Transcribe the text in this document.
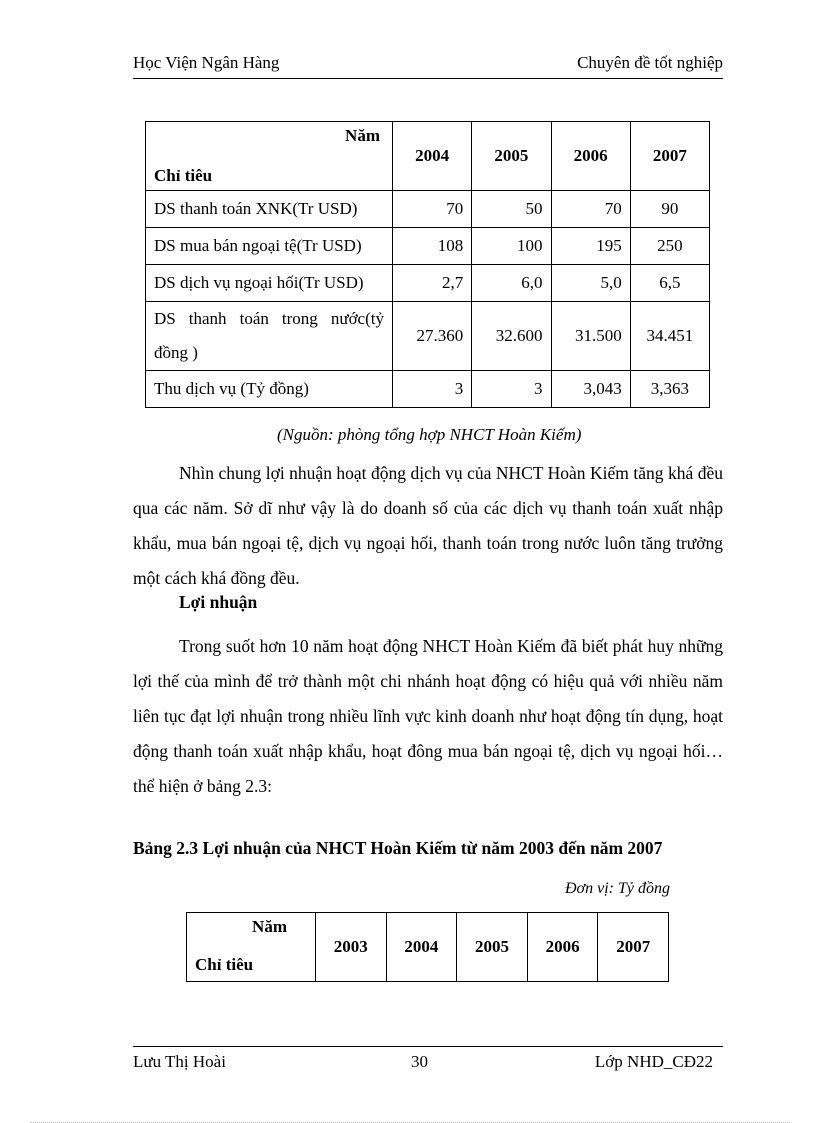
Học Viện Ngân Hàng	Chuyên đề tốt nghiệp
Năm
Chỉ tiêu	2004	2005	2006	2007
DS thanh toán XNK(Tr USD)	70	50	70	90
DS mua bán ngoại tệ(Tr USD)	108	100	195	250
DS dịch vụ ngoại hối(Tr USD)	2,7	6,0	5,0	6,5
DS thanh toán trong nước(tỷ đồng )	27.360	32.600	31.500	34.451
Thu dịch vụ (Tỷ đồng)	3	3	3,043	3,363
(Nguồn: phòng tổng hợp NHCT Hoàn Kiếm)

Nhìn chung lợi nhuận hoạt động dịch vụ của NHCT Hoàn Kiếm tăng khá đều qua các năm. Sở dĩ như vậy là do doanh số của các dịch vụ thanh toán xuất nhập khẩu, mua bán ngoại tệ, dịch vụ ngoại hối, thanh toán trong nước luôn tăng trưởng một cách khá đồng đều.

Lợi nhuận

Trong suốt hơn 10 năm hoạt động NHCT Hoàn Kiếm đã biết phát huy những lợi thế của mình để trở thành một chi nhánh hoạt động có hiệu quả với nhiều năm liên tục đạt lợi nhuận trong nhiều lĩnh vực kinh doanh như hoạt động tín dụng, hoạt động thanh toán xuất nhập khẩu, hoạt đông mua bán ngoại tệ, dịch vụ ngoại hối… thể hiện ở bảng 2.3:

Bảng 2.3 Lợi nhuận của NHCT Hoàn Kiếm từ năm 2003 đến năm 2007
Đơn vị: Tỷ đồng
Năm
Chỉ tiêu
	2003	2004	2005	2006	2007
Lưu Thị Hoài	30	Lớp NHD_CĐ22
